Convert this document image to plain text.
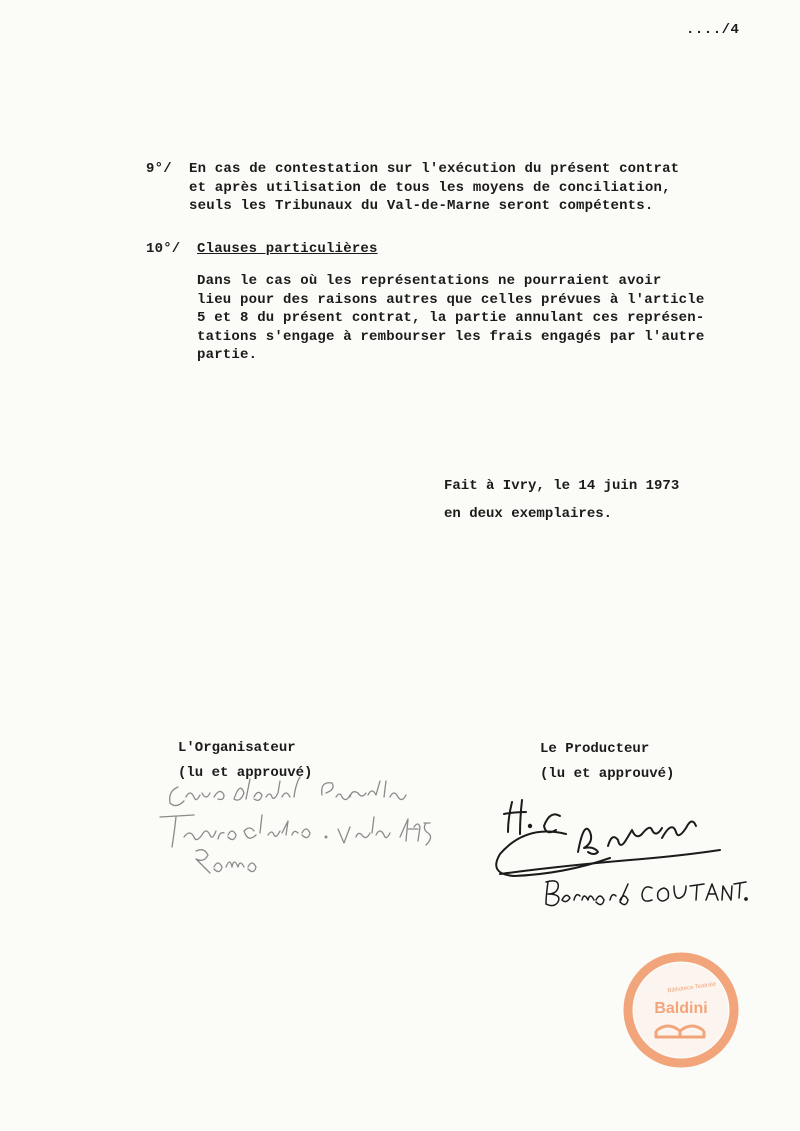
..../4
9°/ En cas de contestation sur l'exécution du présent contrat
et après utilisation de tous les moyens de conciliation,
seuls les Tribunaux du Val-de-Marne seront compétents.
10°/ Clauses particulières
Dans le cas où les représentations ne pourraient avoir
lieu pour des raisons autres que celles prévues à l'article
5 et 8 du présent contrat, la partie annulant ces représen-
tations s'engage à rembourser les frais engagés par l'autre
partie.
Fait à Ivry, le 14 juin 1973
en deux exemplaires.
L'Organisateur
(lu et approuvé)
Le Producteur
(lu et approuvé)
Biblioteca Teatrale
Baldini
